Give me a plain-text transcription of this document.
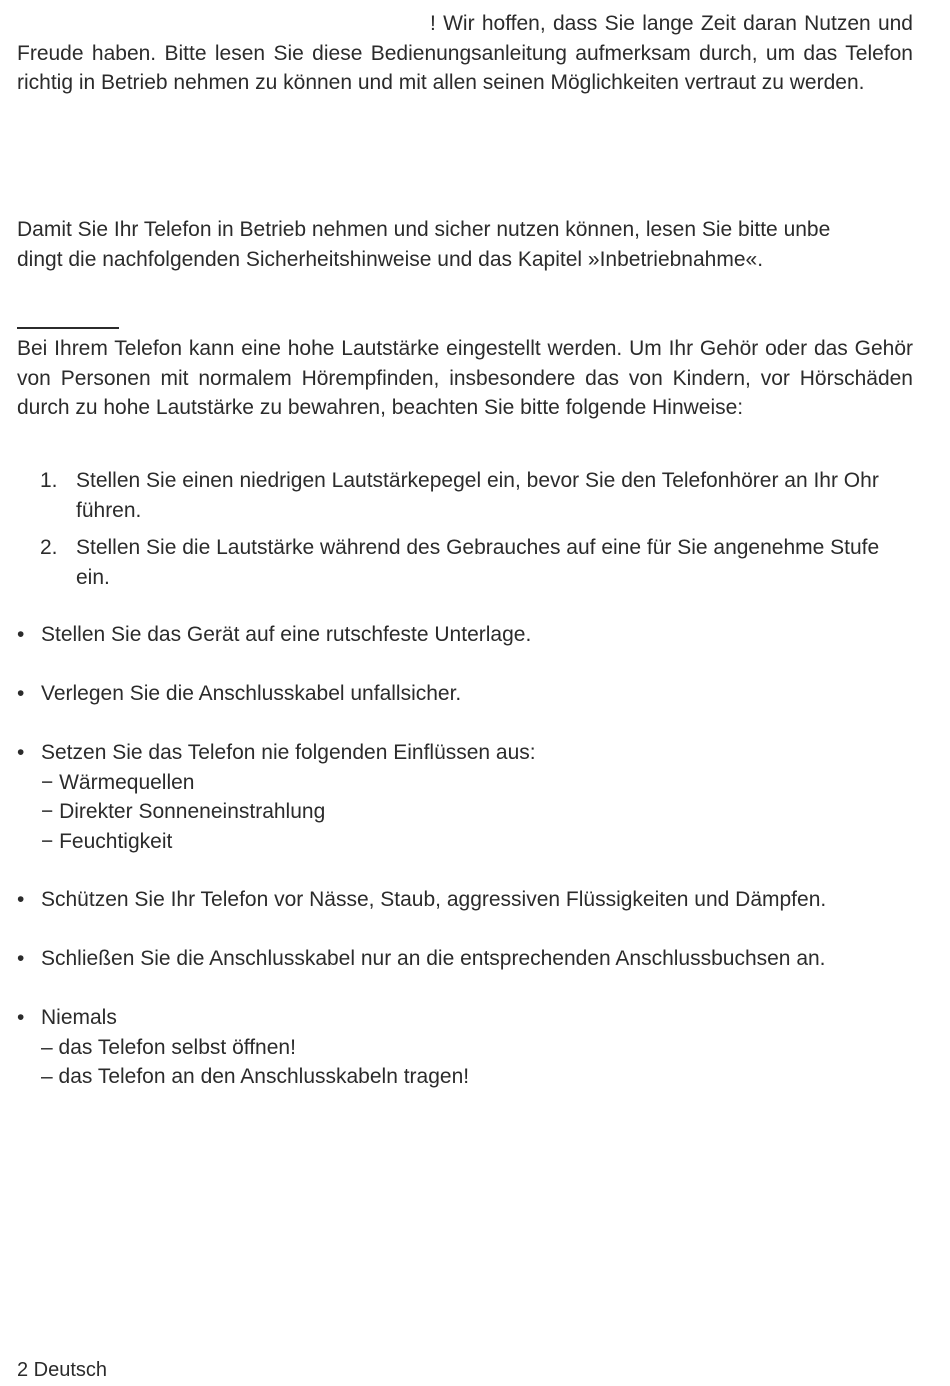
! Wir hoffen, dass Sie lange Zeit daran Nutzen und Freude haben. Bitte lesen Sie diese Bedienungsanleitung aufmerksam durch, um das Telefon richtig in Betrieb nehmen zu können und mit allen seinen Möglichkeiten vertraut zu werden.

Damit Sie Ihr Telefon in Betrieb nehmen und sicher nutzen können, lesen Sie bitte unbe
dingt die nachfolgenden Sicherheitshinweise und das Kapitel »Inbetriebnahme«.

Bei Ihrem Telefon kann eine hohe Lautstärke eingestellt werden. Um Ihr Gehör oder das Gehör von Personen mit normalem Hörempfinden, insbesondere das von Kindern, vor Hörschäden durch zu hohe Lautstärke zu bewahren, beachten Sie bitte folgende Hinweise:

1. Stellen Sie einen niedrigen Lautstärkepegel ein, bevor Sie den Telefonhörer an Ihr Ohr führen.
2. Stellen Sie die Lautstärke während des Gebrauches auf eine für Sie angenehme Stufe ein.
• Stellen Sie das Gerät auf eine rutschfeste Unterlage.
• Verlegen Sie die Anschlusskabel unfallsicher.
• Setzen Sie das Telefon nie folgenden Einflüssen aus:
− Wärmequellen
− Direkter Sonneneinstrahlung
− Feuchtigkeit
• Schützen Sie Ihr Telefon vor Nässe, Staub, aggressiven Flüssigkeiten und Dämpfen.
• Schließen Sie die Anschlusskabel nur an die entsprechenden Anschlussbuchsen an.
• Niemals
– das Telefon selbst öffnen!
– das Telefon an den Anschlusskabeln tragen!
2 Deutsch
